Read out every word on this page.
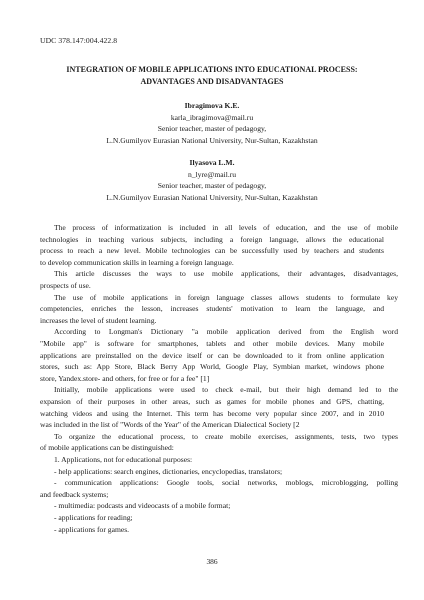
UDC 378.147:004.422.8
INTEGRATION OF MOBILE APPLICATIONS INTO EDUCATIONAL PROCESS:
ADVANTAGES AND DISADVANTAGES
Ibragimova K.E.
karla_ibragimova@mail.ru
Senior teacher, master of pedagogy,
L.N.Gumilyov Eurasian National University, Nur-Sultan, Kazakhstan
Ilyasova L.M.
n_lyre@mail.ru
Senior teacher, master of pedagogy,
L.N.Gumilyov Eurasian National University, Nur-Sultan, Kazakhstan
The process of informatization is included in all levels of education, and the use of mobile
technologies in teaching various subjects, including a foreign language, allows the educational
process to reach a new level. Mobile technologies can be successfully used by teachers and students
to develop communication skills in learning a foreign language.
This article discusses the ways to use mobile applications, their advantages, disadvantages,
prospects of use.
The use of mobile applications in foreign language classes allows students to formulate key
competencies, enriches the lesson, increases students' motivation to learn the language, and
increases the level of student learning.
According to Longman's Dictionary "a mobile application derived from the English word
"Mobile app" is software for smartphones, tablets and other mobile devices. Many mobile
applications are preinstalled on the device itself or can be downloaded to it from online application
stores, such as: App Store, Black Berry App World, Google Play, Symbian market, windows phone
store, Yandex.store- and others, for free or for a fee" [1]
Initially, mobile applications were used to check e-mail, but their high demand led to the
expansion of their purposes in other areas, such as games for mobile phones and GPS, chatting,
watching videos and using the Internet. This term has become very popular since 2007, and in 2010
was included in the list of "Words of the Year" of the American Dialectical Society [2
To organize the educational process, to create mobile exercises, assignments, tests, two types
of mobile applications can be distinguished:
1. Applications, not for educational purposes:
- help applications: search engines, dictionaries, encyclopedias, translators;
- communication applications: Google tools, social networks, moblogs, microblogging, polling
and feedback systems;
- multimedia: podcasts and videocasts of a mobile format;
- applications for reading;
- applications for games.
386
